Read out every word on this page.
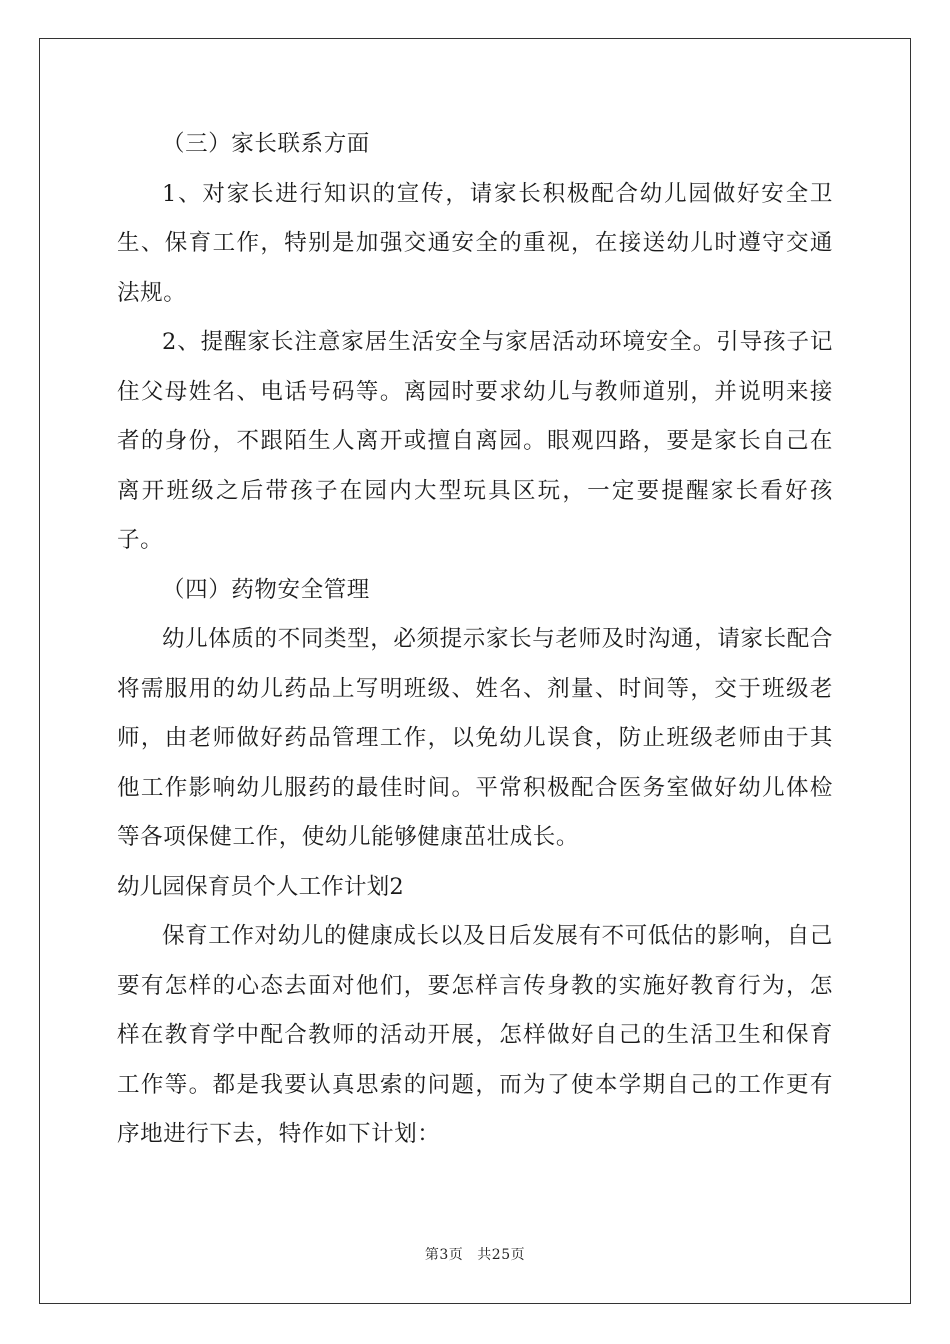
（三）家长联系方面

1、对家长进行知识的宣传，请家长积极配合幼儿园做好安全卫生、保育工作，特别是加强交通安全的重视，在接送幼儿时遵守交通法规。

2、提醒家长注意家居生活安全与家居活动环境安全。引导孩子记住父母姓名、电话号码等。离园时要求幼儿与教师道别，并说明来接者的身份，不跟陌生人离开或擅自离园。眼观四路，要是家长自己在离开班级之后带孩子在园内大型玩具区玩，一定要提醒家长看好孩子。

（四）药物安全管理

幼儿体质的不同类型，必须提示家长与老师及时沟通，请家长配合将需服用的幼儿药品上写明班级、姓名、剂量、时间等，交于班级老师，由老师做好药品管理工作，以免幼儿误食，防止班级老师由于其他工作影响幼儿服药的最佳时间。平常积极配合医务室做好幼儿体检等各项保健工作，使幼儿能够健康茁壮成长。

幼儿园保育员个人工作计划2

保育工作对幼儿的健康成长以及日后发展有不可低估的影响，自己要有怎样的心态去面对他们，要怎样言传身教的实施好教育行为，怎样在教育学中配合教师的活动开展，怎样做好自己的生活卫生和保育工作等。都是我要认真思索的问题，而为了使本学期自己的工作更有序地进行下去，特作如下计划：

第3页 共25页
